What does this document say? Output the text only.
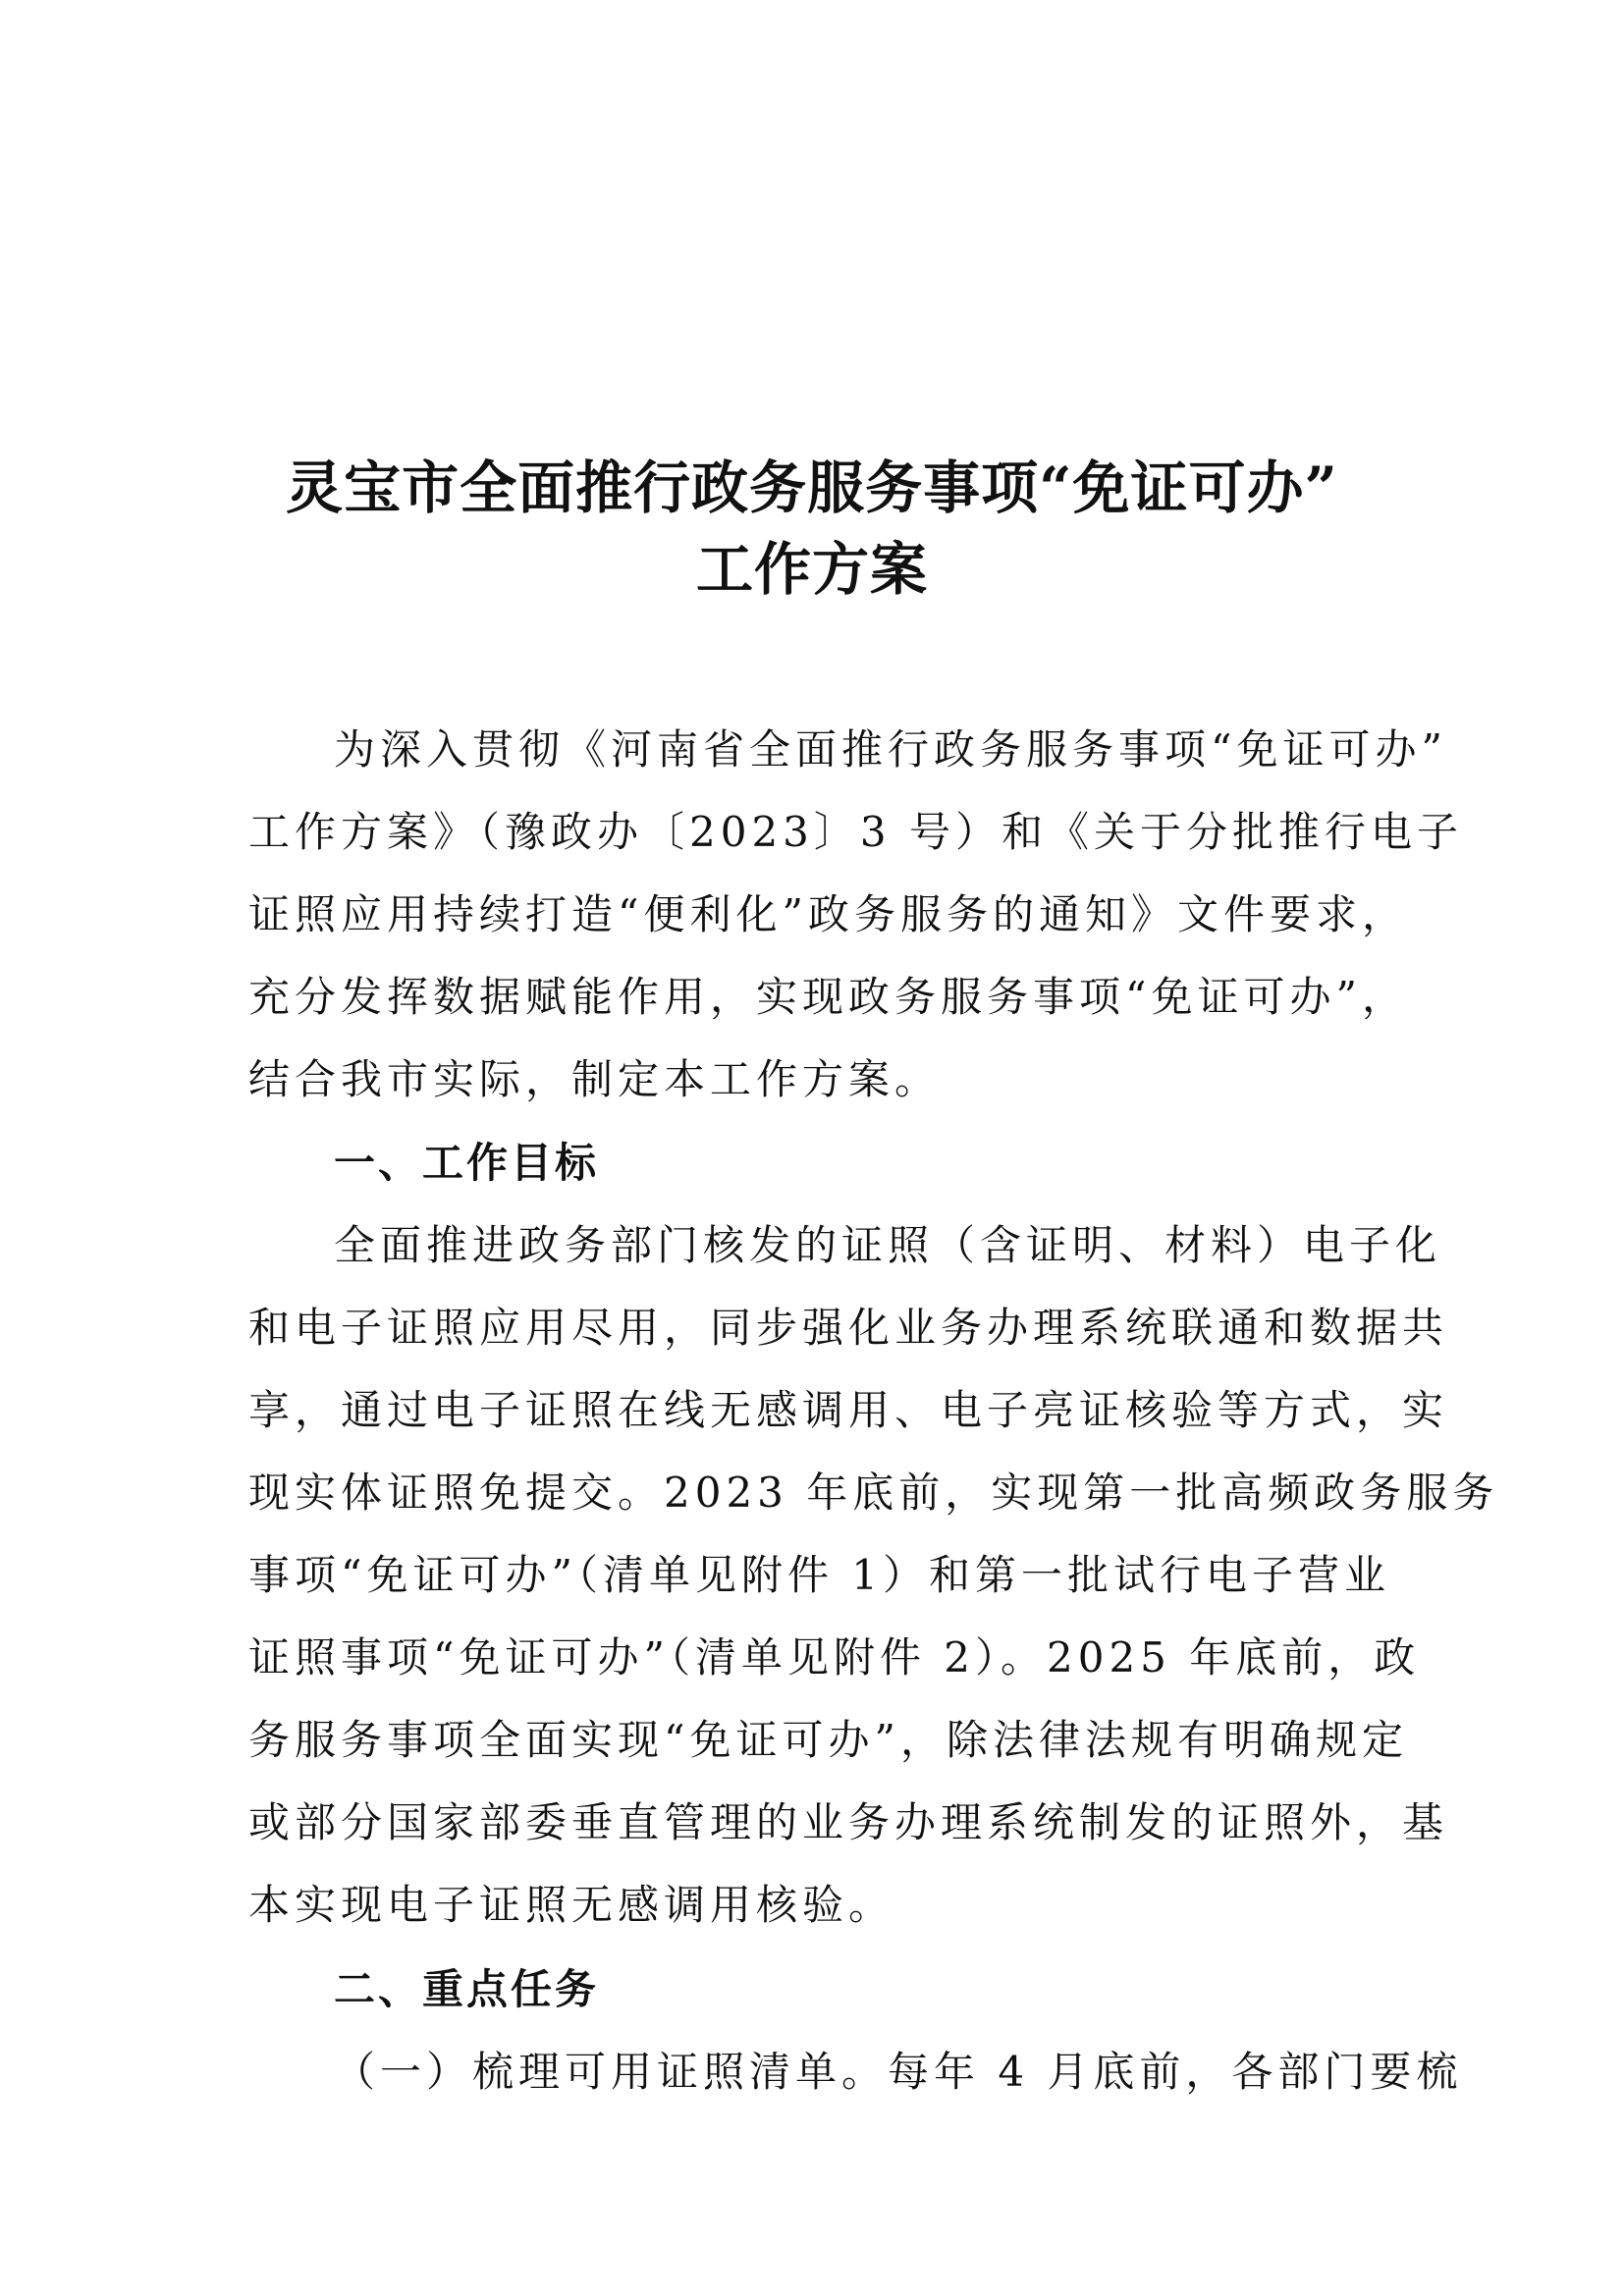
灵宝市全面推行政务服务事项“免证可办”
工作方案
为深入贯彻《河南省全面推行政务服务事项“免证可办”
工作方案》（豫政办〔2023〕3 号）和《关于分批推行电子
证照应用持续打造“便利化”政务服务的通知》文件要求，
充分发挥数据赋能作用，实现政务服务事项“免证可办”，
结合我市实际，制定本工作方案。
一、工作目标
全面推进政务部门核发的证照（含证明、材料）电子化
和电子证照应用尽用，同步强化业务办理系统联通和数据共
享，通过电子证照在线无感调用、电子亮证核验等方式，实
现实体证照免提交。2023 年底前，实现第一批高频政务服务
事项“免证可办”（清单见附件 1）和第一批试行电子营业
证照事项“免证可办”（清单见附件 2）。2025 年底前，政
务服务事项全面实现“免证可办”，除法律法规有明确规定
或部分国家部委垂直管理的业务办理系统制发的证照外，基
本实现电子证照无感调用核验。
二、重点任务
（一）梳理可用证照清单。每年 4 月底前，各部门要梳
